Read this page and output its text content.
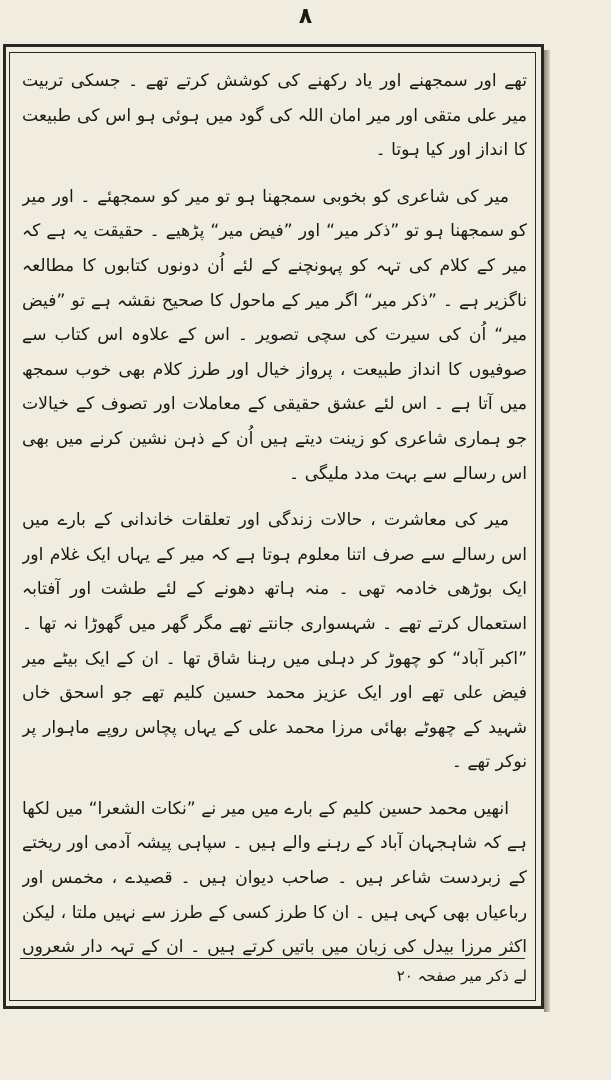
۸

تھے اور سمجھنے اور یاد رکھنے کی کوشش کرتے تھے ۔ جسکی تربیت میر علی متقی اور میر امان اللہ کی گود میں ہوئی ہو اس کی طبیعت کا انداز اور کیا ہوتا ۔

میر کی شاعری کو بخوبی سمجھنا ہو تو میر کو سمجھئے ۔ اور میر کو سمجھنا ہو تو ”ذکر میر“ اور ”فیض میر“ پڑھیے ۔ حقیقت یہ ہے کہ میر کے کلام کی تہہ کو پہونچنے کے لئے اُن دونوں کتابوں کا مطالعہ ناگزیر ہے ۔ ”ذکر میر“ اگر میر کے ماحول کا صحیح نقشہ ہے تو ”فیض میر“ اُن کی سیرت کی سچی تصویر ۔ اس کے علاوہ اس کتاب سے صوفیوں کا انداز طبیعت ، پرواز خیال اور طرز کلام بھی خوب سمجھ میں آتا ہے ۔ اس لئے عشق حقیقی کے معاملات اور تصوف کے خیالات جو ہماری شاعری کو زینت دیتے ہیں اُن کے ذہن نشین کرنے میں بھی اس رسالے سے بہت مدد ملیگی ۔

میر کی معاشرت ، حالات زندگی اور تعلقات خاندانی کے بارے میں اس رسالے سے صرف اتنا معلوم ہوتا ہے کہ میر کے یہاں ایک غلام اور ایک بوڑھی خادمہ تھی ۔ منہ ہاتھ دھونے کے لئے طشت اور آفتابہ استعمال کرتے تھے ۔ شہسواری جانتے تھے مگر گھر میں گھوڑا نہ تھا ۔ ”اکبر آباد“ کو چھوڑ کر دہلی میں رہنا شاق تھا ۔ ان کے ایک بیٹے میر فیض علی تھے اور ایک عزیز محمد حسین کلیم تھے جو اسحق خاں شہید کے چھوٹے بھائی مرزا محمد علی کے یہاں پچاس روپے ماہوار پر نوکر تھے ۔

انھیں محمد حسین کلیم کے بارے میں میر نے ”نکات الشعرا“ میں لکھا ہے کہ شاہجہان آباد کے رہنے والے ہیں ۔ سپاہی پیشہ آدمی اور ریختے کے زبردست شاعر ہیں ۔ صاحب دیوان ہیں ۔ قصیدے ، مخمس اور رباعیاں بھی کہی ہیں ۔ ان کا طرز کسی کے طرز سے نہیں ملتا ، لیکن اکثر مرزا بیدل کی زبان میں باتیں کرتے ہیں ۔ ان کے تہہ دار شعروں

لے ذکر میر صفحہ ۲۰
